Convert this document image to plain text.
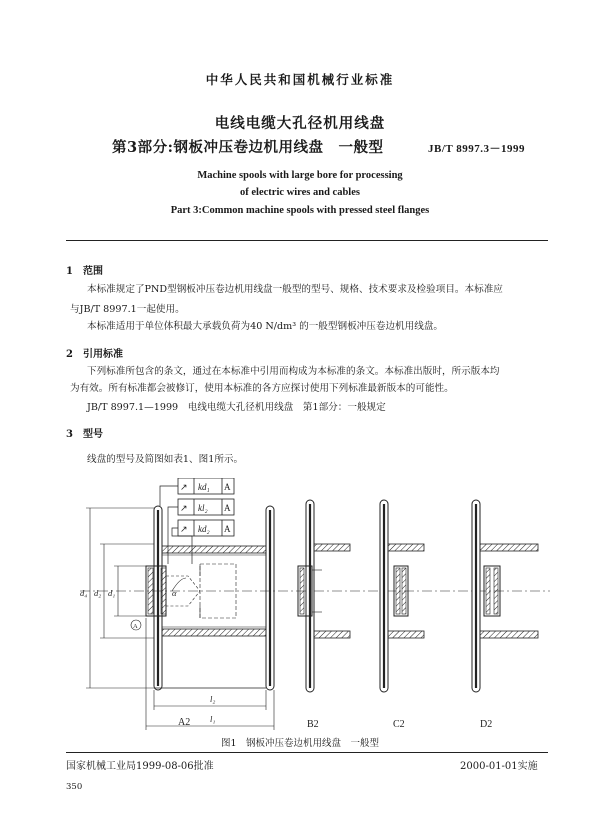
中华人民共和国机械行业标准
电线电缆大孔径机用线盘
第3部分:钢板冲压卷边机用线盘　一般型	JB/T 8997.3－1999
Machine spools with large bore for processing
of electric wires and cables
Part 3:Common machine spools with pressed steel flanges
1　范围
本标准规定了PND型钢板冲压卷边机用线盘一般型的型号、规格、技术要求及检验项目。本标准应
与JB/T 8997.1一起使用。
本标准适用于单位体积最大承载负荷为40 N/dm³ 的一般型钢板冲压卷边机用线盘。
2　引用标准
下列标准所包含的条文，通过在本标准中引用而构成为本标准的条文。本标准出版时，所示版本均
为有效。所有标准都会被修订，使用本标准的各方应探讨使用下列标准最新版本的可能性。
JB/T 8997.1—1999　电线电缆大孔径机用线盘　第1部分：一般规定
3　型号
线盘的型号及简图如表1、图1所示。
↗ kd₁ A
↗ kl₂ A
↗ kd₂ A
d₄ d₂ d₁	α
l₂
l₁
A
A2	B2	C2	D2
图1　钢板冲压卷边机用线盘　一般型
国家机械工业局1999-08-06批准	2000-01-01实施
350
